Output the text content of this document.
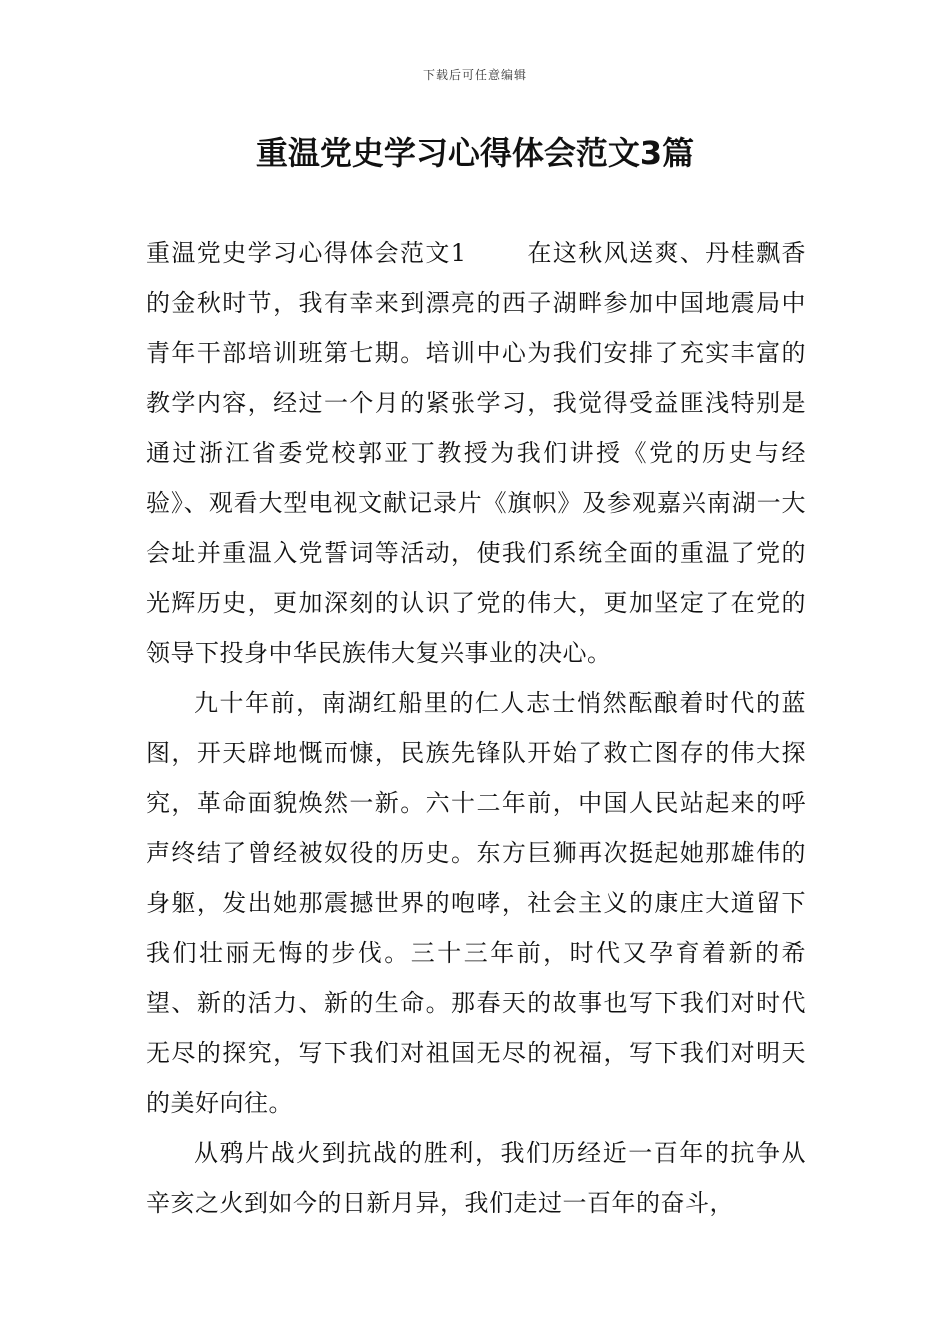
下载后可任意编辑
重温党史学习心得体会范文3篇

重温党史学习心得体会范文1	在这秋风送爽、丹桂飘香的金秋时节，我有幸来到漂亮的西子湖畔参加中国地震局中青年干部培训班第七期。培训中心为我们安排了充实丰富的教学内容，经过一个月的紧张学习，我觉得受益匪浅特别是通过浙江省委党校郭亚丁教授为我们讲授《党的历史与经验》、观看大型电视文献记录片《旗帜》及参观嘉兴南湖一大会址并重温入党誓词等活动，使我们系统全面的重温了党的光辉历史，更加深刻的认识了党的伟大，更加坚定了在党的领导下投身中华民族伟大复兴事业的决心。

九十年前，南湖红船里的仁人志士悄然酝酿着时代的蓝图，开天辟地慨而慷，民族先锋队开始了救亡图存的伟大探究，革命面貌焕然一新。六十二年前，中国人民站起来的呼声终结了曾经被奴役的历史。东方巨狮再次挺起她那雄伟的身躯，发出她那震撼世界的咆哮，社会主义的康庄大道留下我们壮丽无悔的步伐。三十三年前，时代又孕育着新的希望、新的活力、新的生命。那春天的故事也写下我们对时代无尽的探究，写下我们对祖国无尽的祝福，写下我们对明天的美好向往。

从鸦片战火到抗战的胜利，我们历经近一百年的抗争从辛亥之火到如今的日新月异，我们走过一百年的奋斗，
